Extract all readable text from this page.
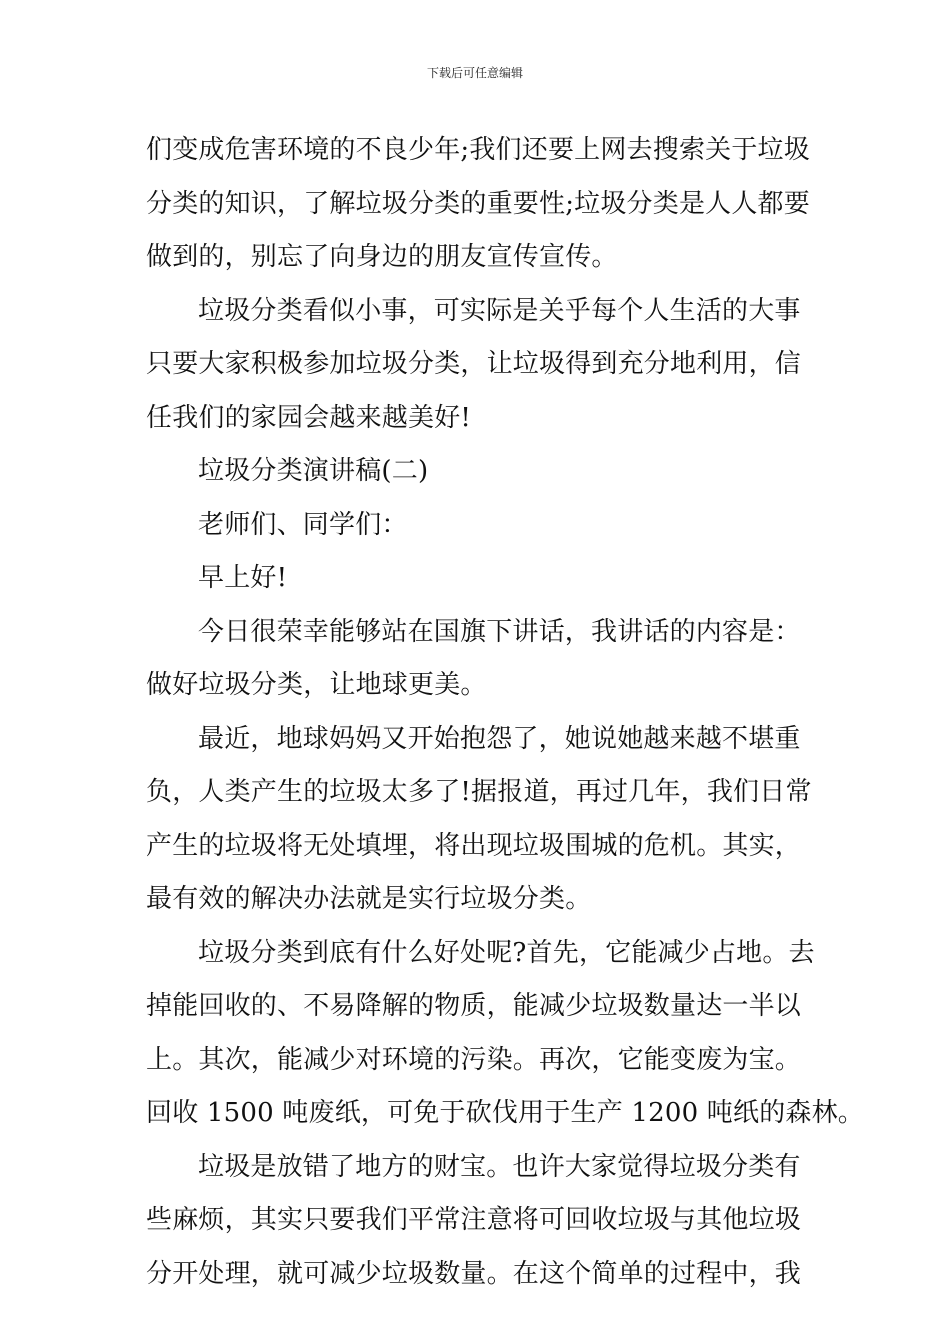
下载后可任意编辑

们变成危害环境的不良少年;我们还要上网去搜索关于垃圾
分类的知识，了解垃圾分类的重要性;垃圾分类是人人都要
做到的，别忘了向身边的朋友宣传宣传。

垃圾分类看似小事，可实际是关乎每个人生活的大事
只要大家积极参加垃圾分类，让垃圾得到充分地利用，信
任我们的家园会越来越美好!

垃圾分类演讲稿(二)

老师们、同学们：

早上好!

今日很荣幸能够站在国旗下讲话，我讲话的内容是：
做好垃圾分类，让地球更美。

最近，地球妈妈又开始抱怨了，她说她越来越不堪重
负，人类产生的垃圾太多了!据报道，再过几年，我们日常
产生的垃圾将无处填埋，将出现垃圾围城的危机。其实，
最有效的解决办法就是实行垃圾分类。

垃圾分类到底有什么好处呢?首先，它能减少占地。去
掉能回收的、不易降解的物质，能减少垃圾数量达一半以
上。其次，能减少对环境的污染。再次，它能变废为宝。
回收 1500 吨废纸，可免于砍伐用于生产 1200 吨纸的森林。

垃圾是放错了地方的财宝。也许大家觉得垃圾分类有
些麻烦，其实只要我们平常注意将可回收垃圾与其他垃圾
分开处理，就可减少垃圾数量。在这个简单的过程中，我
